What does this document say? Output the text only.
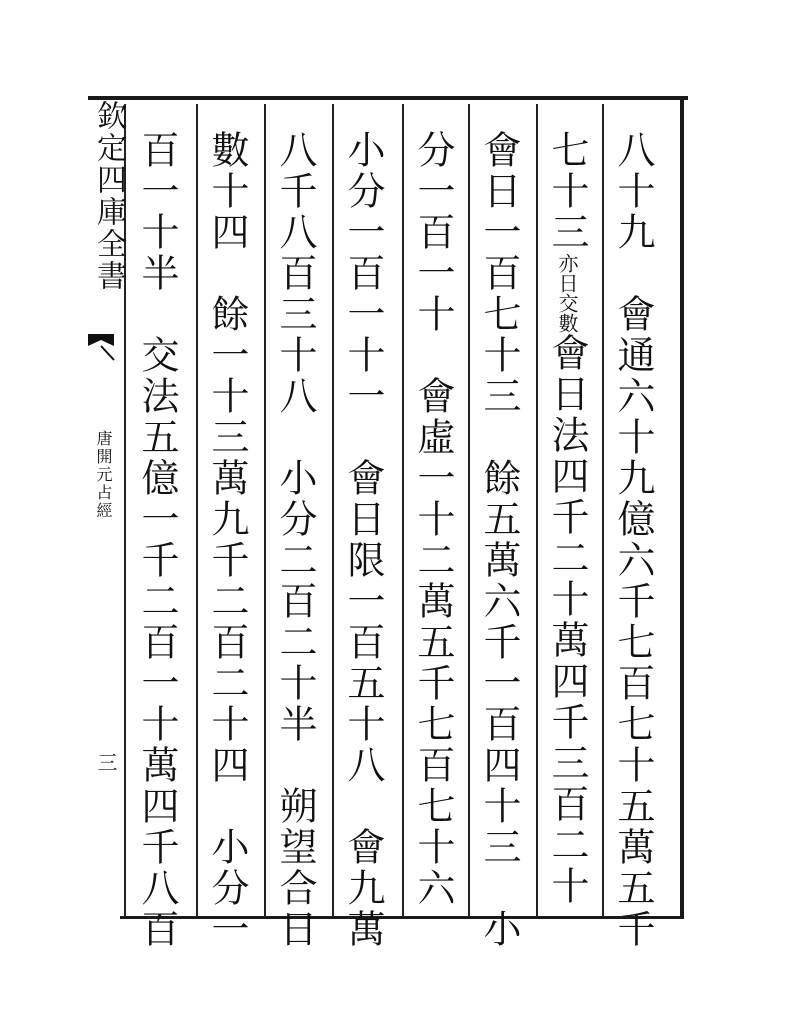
八十九　會通六十九億六千七百七十五萬五千
七十三亦日交數會日法四千二十萬四千三百二十
會日一百七十三　餘五萬六千一百四十三　小
分一百一十　會虛一十二萬五千七百七十六
小分一百一十一　會日限一百五十八　會九萬
八千八百三十八　小分二百二十半　朔望合日
數十四　餘一十三萬九千二百二十四　小分一
百一十半　交法五億一千二百一十萬四千八百
欽定四庫全書
唐開元占經
三
